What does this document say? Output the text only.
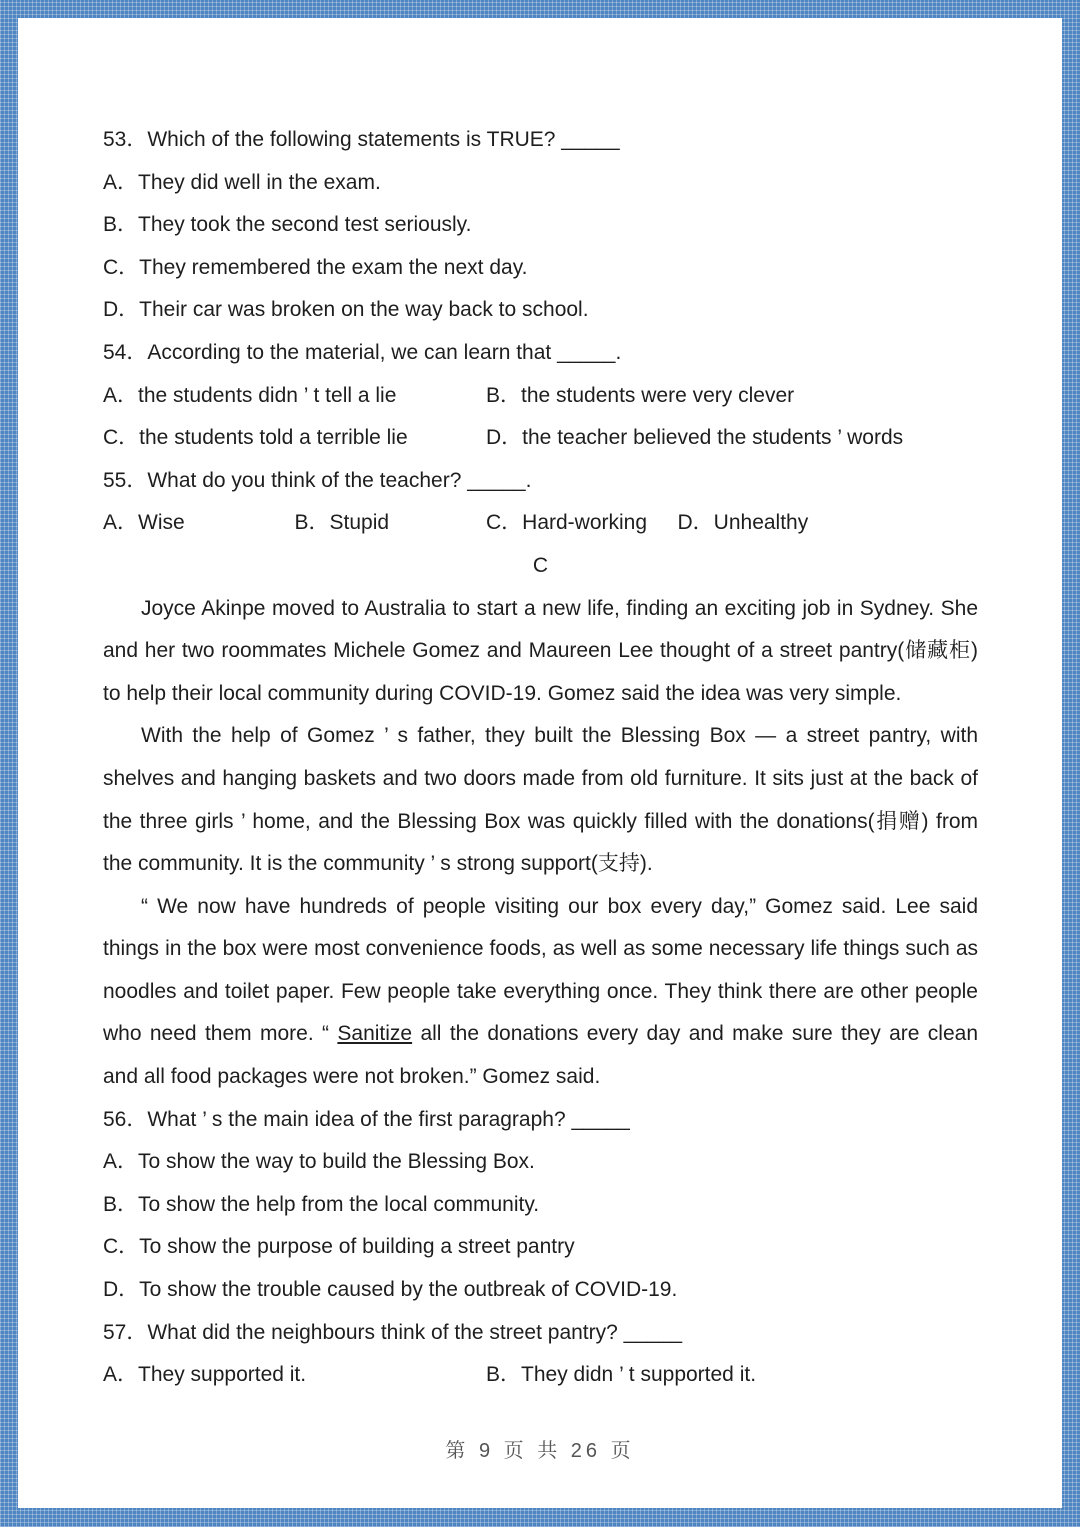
53．Which of the following statements is TRUE? _____
A．They did well in the exam.
B．They took the second test seriously.
C．They remembered the exam the next day.
D．Their car was broken on the way back to school.
54．According to the material, we can learn that _____.
A．the students didn ’ t tell a lie	B．the students were very clever
C．the students told a terrible lie	D．the teacher believed the students ’ words
55．What do you think of the teacher? _____.
A．Wise	B．Stupid	C．Hard-working	D．Unhealthy
C

Joyce Akinpe moved to Australia to start a new life, finding an exciting job in Sydney. She and her two roommates Michele Gomez and Maureen Lee thought of a street pantry(储藏柜) to help their local community during COVID-19. Gomez said the idea was very simple.

With the help of Gomez ’ s father, they built the Blessing Box — a street pantry, with shelves and hanging baskets and two doors made from old furniture. It sits just at the back of the three girls ’ home, and the Blessing Box was quickly filled with the donations(捐赠) from the community. It is the community ’ s strong support(支持).

“ We now have hundreds of people visiting our box every day,” Gomez said. Lee said things in the box were most convenience foods, as well as some necessary life things such as noodles and toilet paper. Few people take everything once. They think there are other people who need them more. “ Sanitize all the donations every day and make sure they are clean and all food packages were not broken.” Gomez said.

56．What ’ s the main idea of the first paragraph? _____
A．To show the way to build the Blessing Box.
B．To show the help from the local community.
C．To show the purpose of building a street pantry
D．To show the trouble caused by the outbreak of COVID-19.
57．What did the neighbours think of the street pantry? _____
A．They supported it.	B．They didn ’ t supported it.
第 9 页 共 26 页
